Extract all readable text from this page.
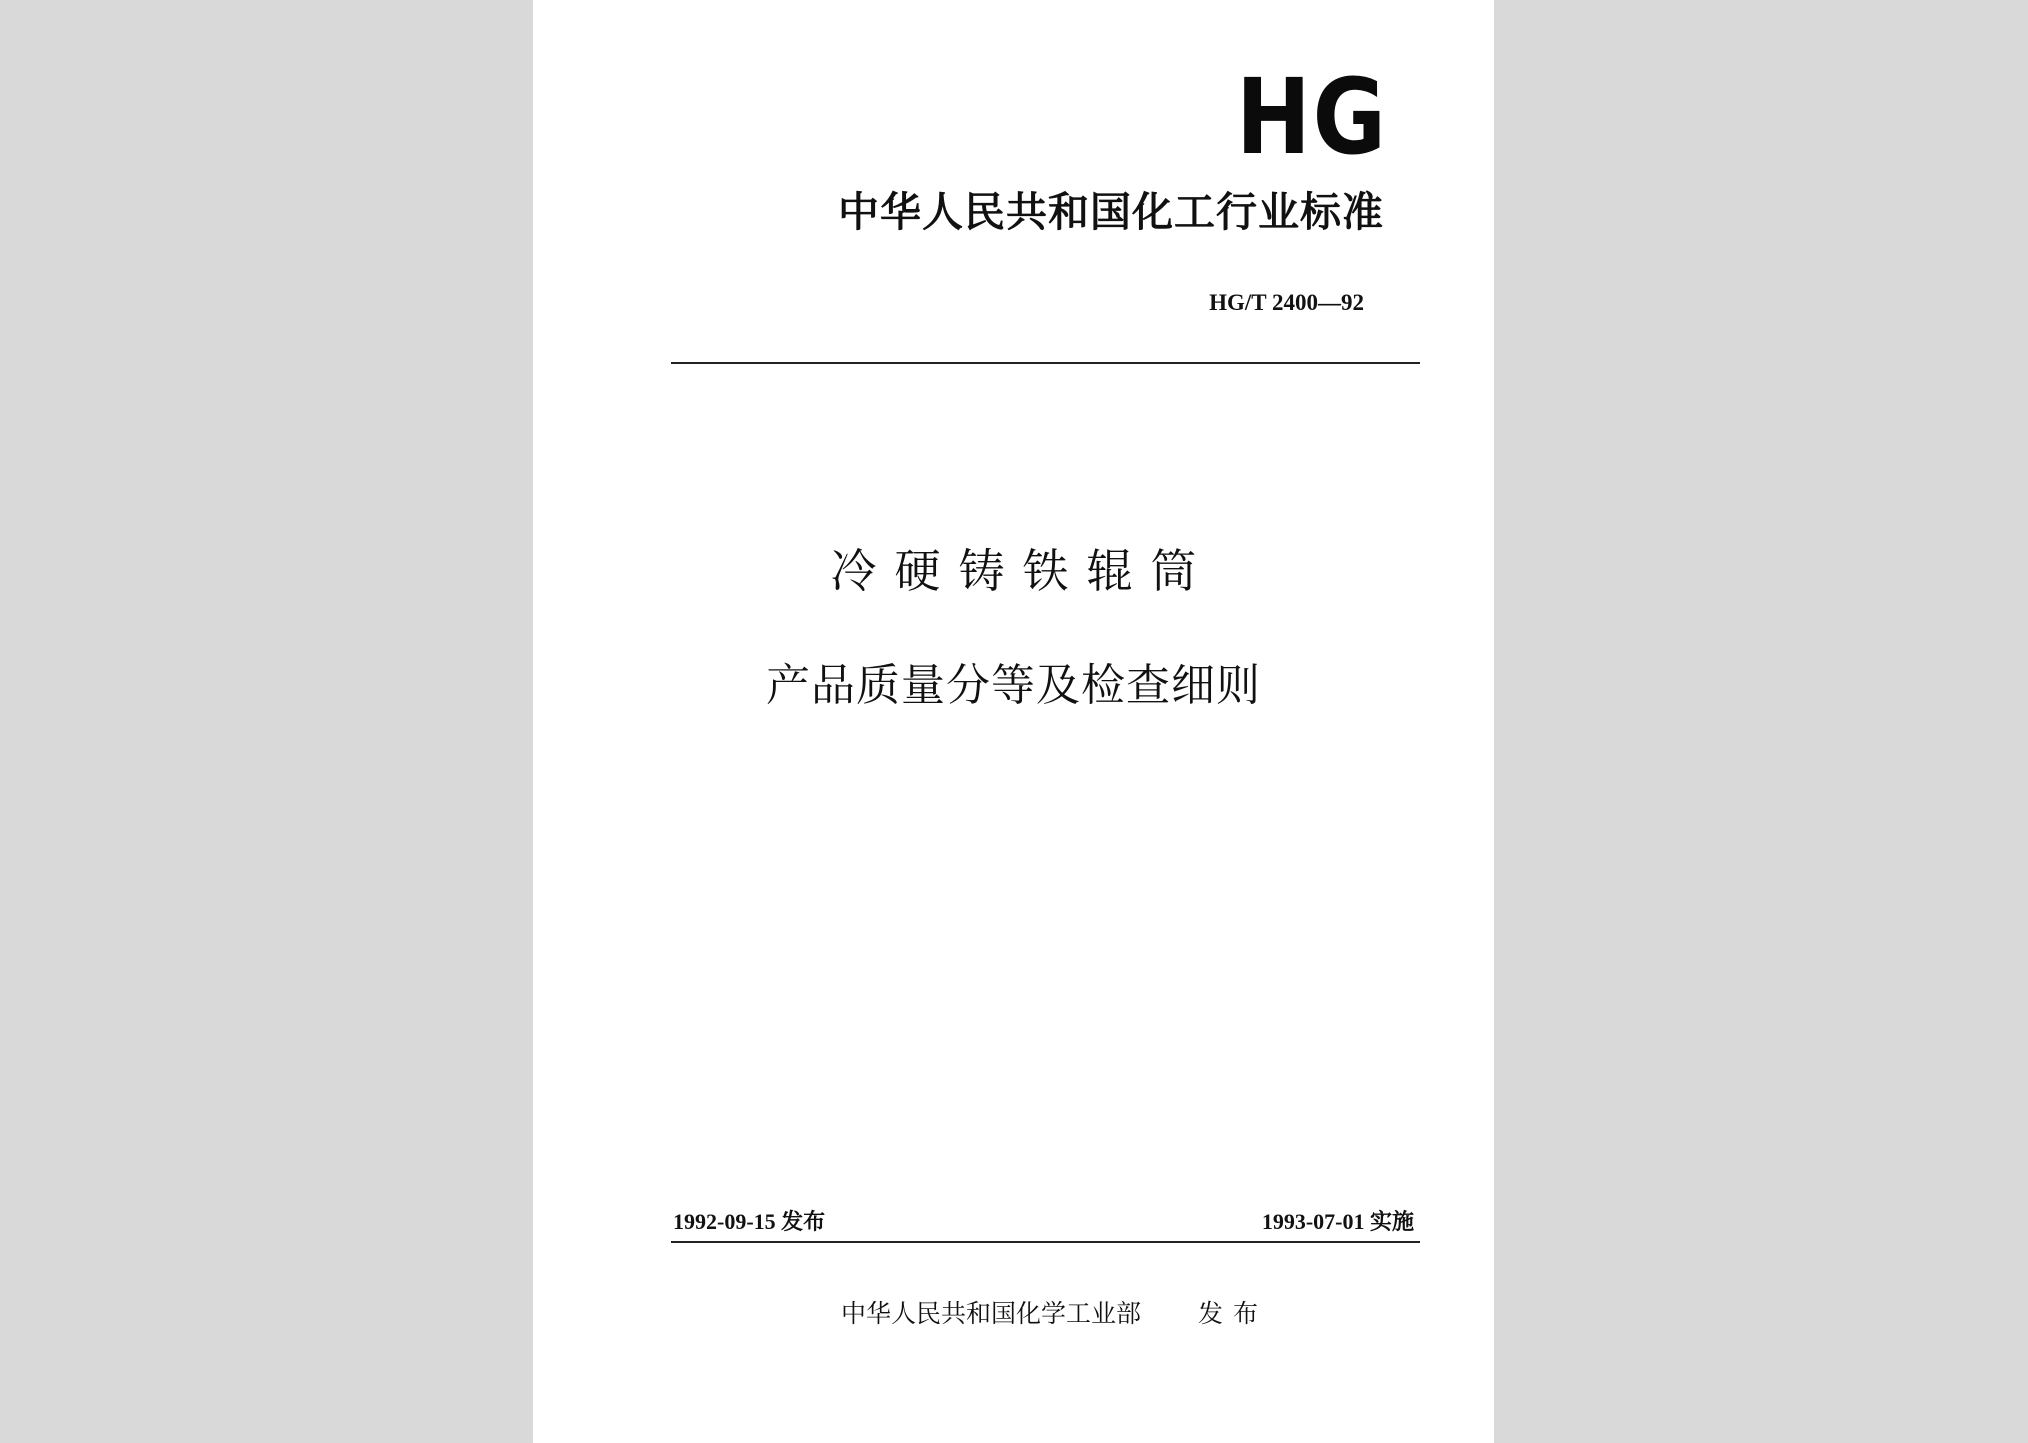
HG
中华人民共和国化工行业标准
HG/T 2400—92
冷硬铸铁辊筒
产品质量分等及检查细则
1992-09-15 发布	1993-07-01 实施
中华人民共和国化学工业部 发布
